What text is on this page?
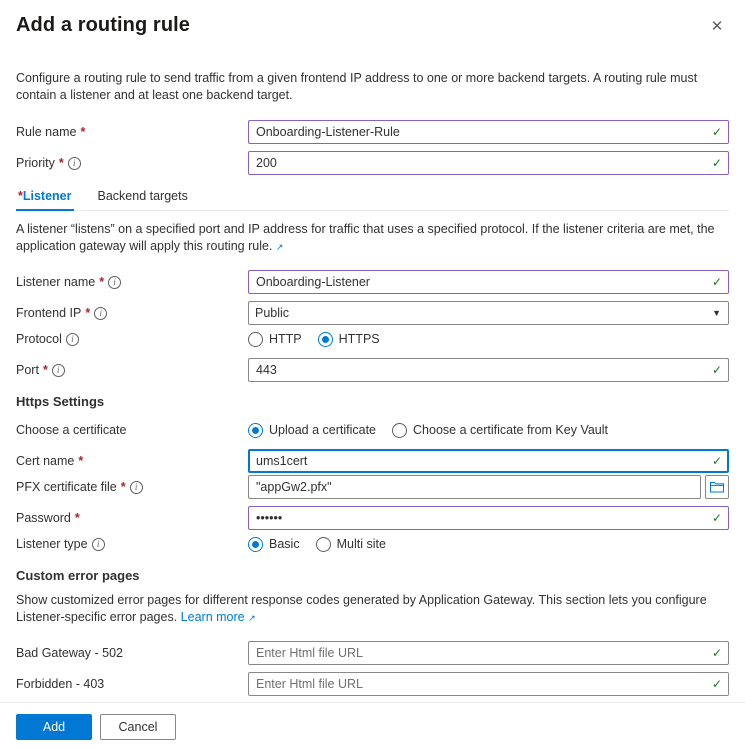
Add a routing rule	✕
Configure a routing rule to send traffic from a given frontend IP address to one or more backend targets. A routing rule must contain a listener and at least one backend target.
Rule name *
Onboarding-Listener-Rule	✓
Priority *	i
200	✓
*Listener Backend targets
A listener “listens” on a specified port and IP address for traffic that uses a specified protocol. If the listener criteria are met, the application gateway will apply this routing rule. ↗
Listener name *	i
Onboarding-Listener	✓
Frontend IP *	i
Public	▼
Protocol	i	HTTP	HTTPS
Port *	i
443	✓
Https Settings
Choose a certificate	Upload a certificate	Choose a certificate from Key Vault
Cert name *
ums1cert	✓
PFX certificate file *	i
"appGw2.pfx"
Password *
••••••	✓
Listener type	i	Basic	Multi site
Custom error pages
Show customized error pages for different response codes generated by Application Gateway. This section lets you configure Listener-specific error pages. Learn more ↗
Bad Gateway - 502
Enter Html file URL	✓
Forbidden - 403
Enter Html file URL	✓
Add	Cancel
